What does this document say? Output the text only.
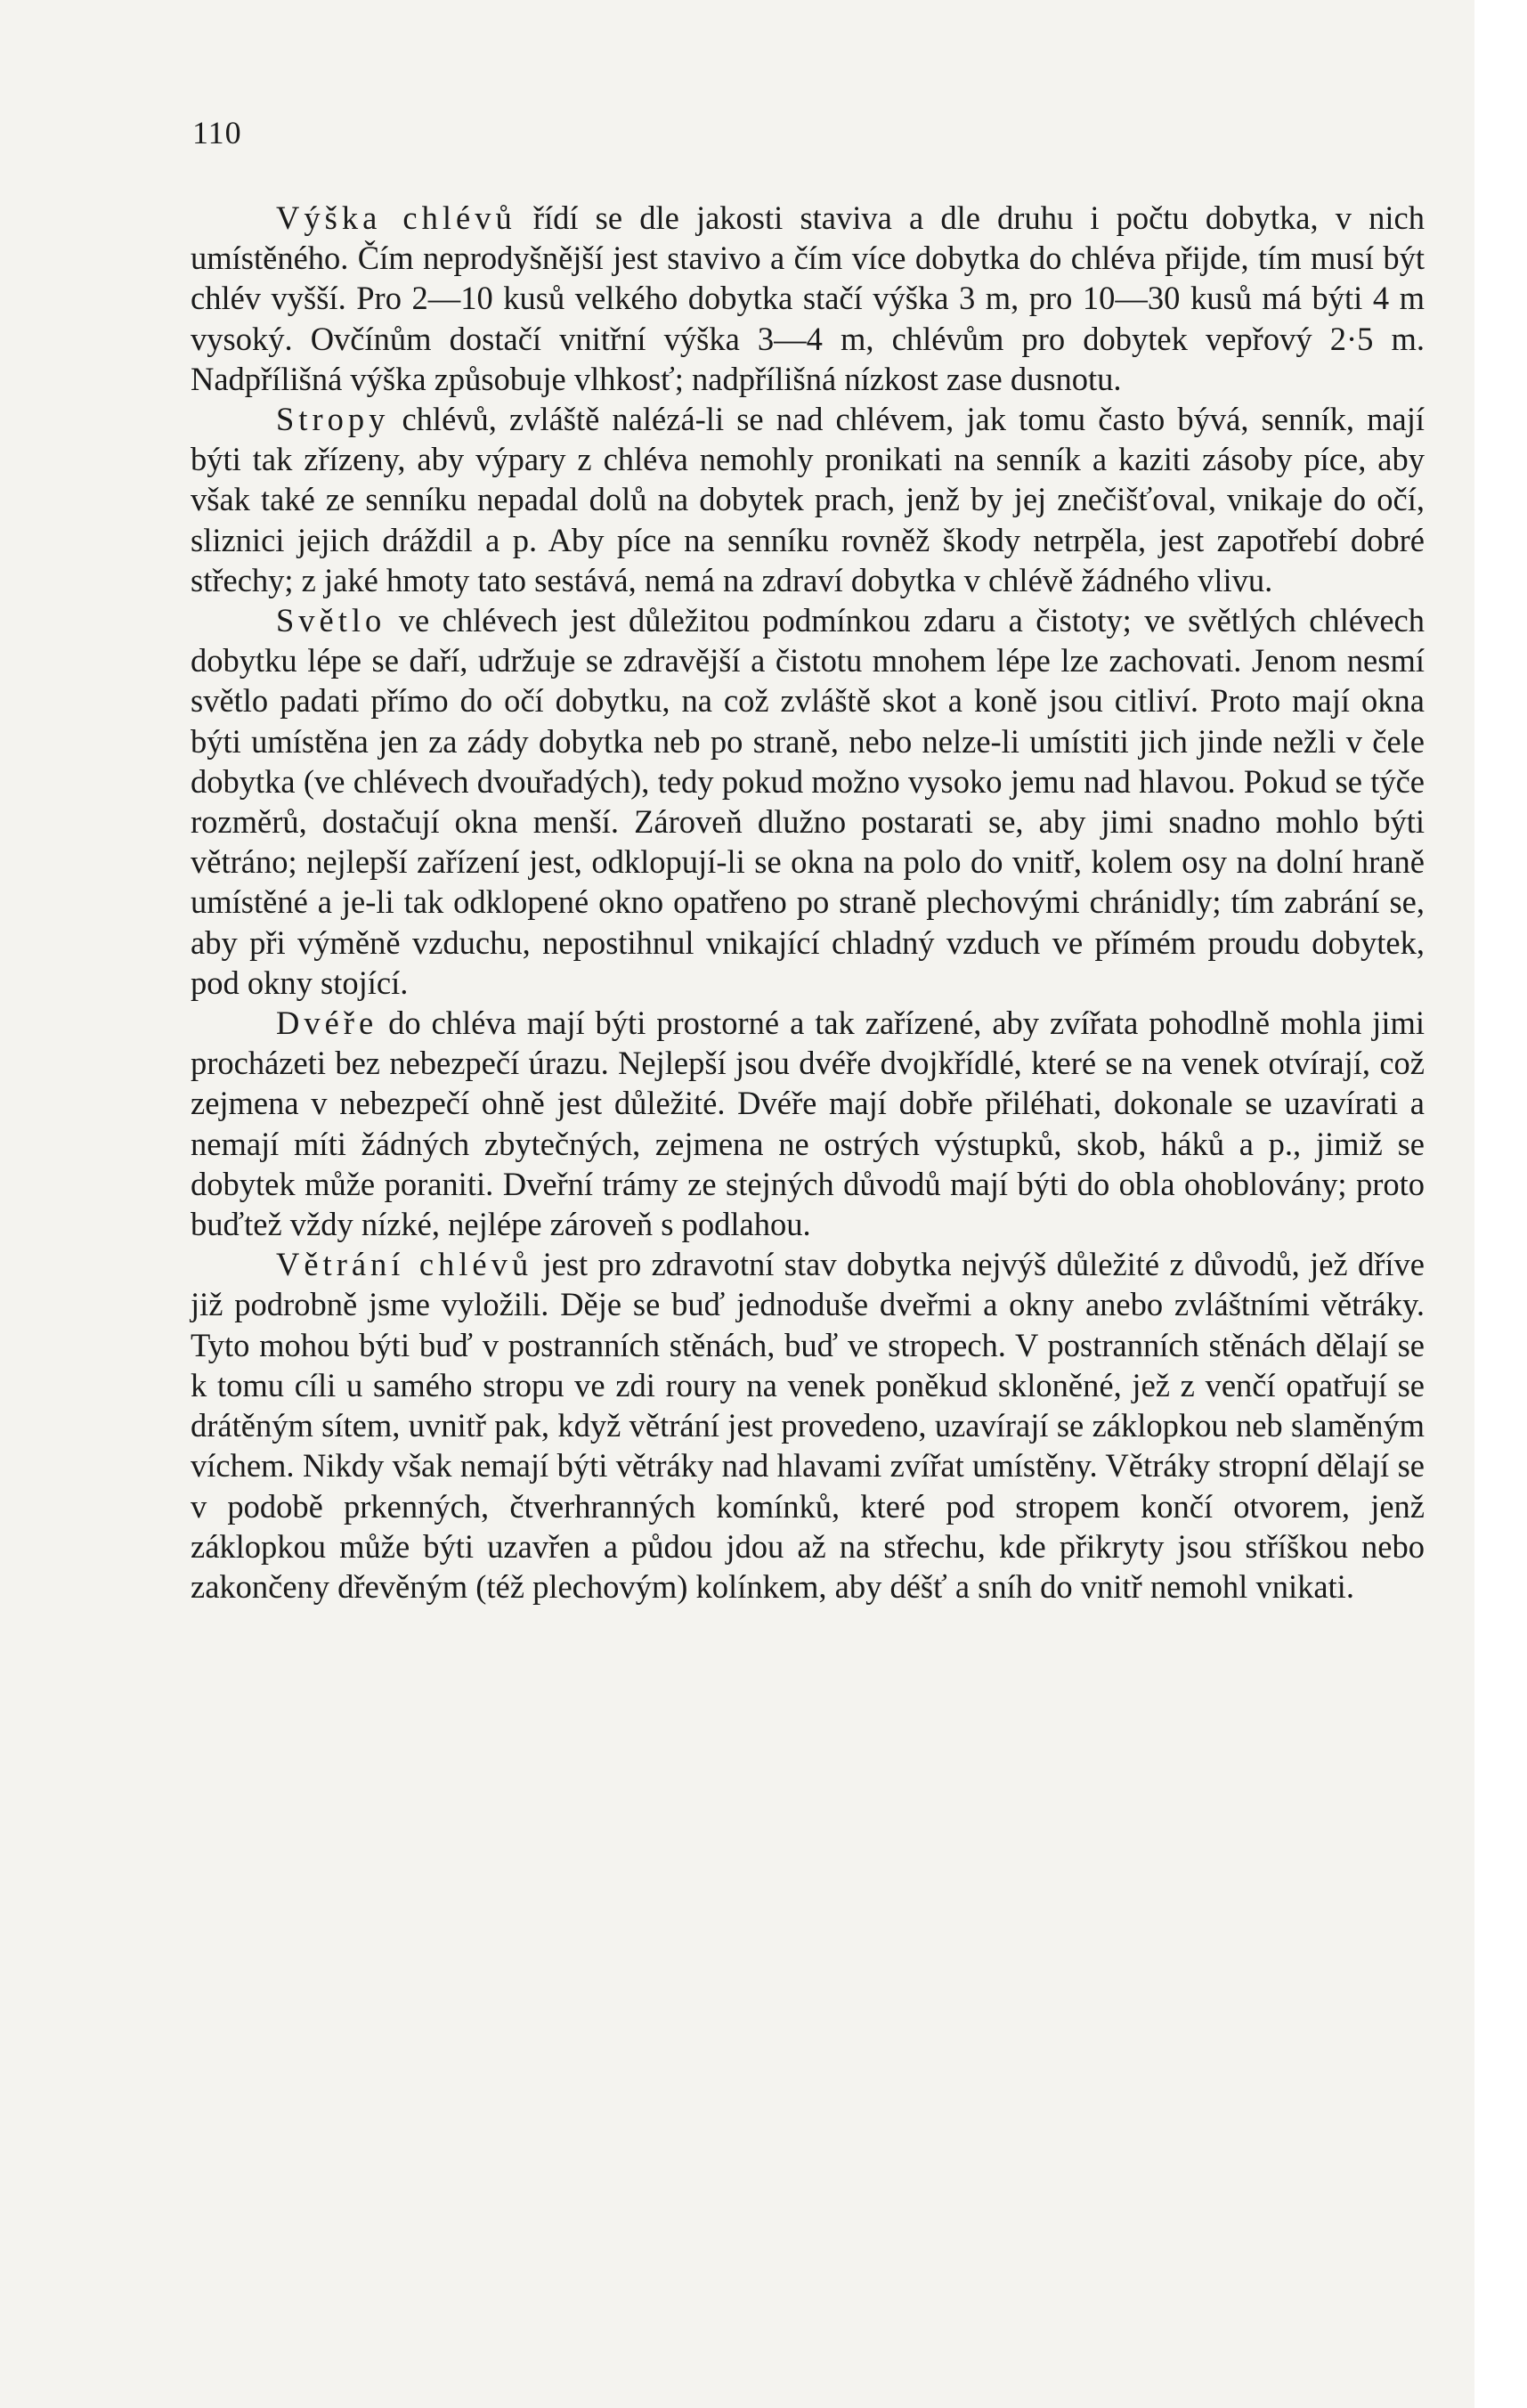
110

Výška chlévů řídí se dle jakosti staviva a dle druhu i počtu dobytka, v nich umístěného. Čím neprodyšnější jest stavivo a čím více dobytka do chléva přijde, tím musí být chlév vyšší. Pro 2—10 kusů velkého dobytka stačí výška 3 m, pro 10—30 kusů má býti 4 m vysoký. Ovčínům dostačí vnitřní výška 3—4 m, chlévům pro dobytek vepřový 2·5 m. Nadpřílišná výška způsobuje vlhkosť; nadpřílišná nízkost zase dusnotu.

Stropy chlévů, zvláště nalézá-li se nad chlévem, jak tomu často bývá, senník, mají býti tak zřízeny, aby výpary z chléva nemohly pronikati na senník a kaziti zásoby píce, aby však také ze senníku nepadal dolů na dobytek prach, jenž by jej znečišťoval, vnikaje do očí, sliznici jejich dráždil a p. Aby píce na senníku rovněž škody netrpěla, jest zapotřebí dobré střechy; z jaké hmoty tato sestává, nemá na zdraví dobytka v chlévě žádného vlivu.

Světlo ve chlévech jest důležitou podmínkou zdaru a čistoty; ve světlých chlévech dobytku lépe se daří, udržuje se zdravější a čistotu mnohem lépe lze zachovati. Jenom nesmí světlo padati přímo do očí dobytku, na což zvláště skot a koně jsou citliví. Proto mají okna býti umístěna jen za zády dobytka neb po straně, nebo nelze-li umístiti jich jinde nežli v čele dobytka (ve chlévech dvouřadých), tedy pokud možno vysoko jemu nad hlavou. Pokud se týče rozměrů, dostačují okna menší. Zároveň dlužno postarati se, aby jimi snadno mohlo býti větráno; nejlepší zařízení jest, odklopují-li se okna na polo do vnitř, kolem osy na dolní hraně umístěné a je-li tak odklopené okno opatřeno po straně plechovými chránidly; tím zabrání se, aby při výměně vzduchu, nepostihnul vnikající chladný vzduch ve přímém proudu dobytek, pod okny stojící.

Dvéře do chléva mají býti prostorné a tak zařízené, aby zvířata pohodlně mohla jimi procházeti bez nebezpečí úrazu. Nejlepší jsou dvéře dvojkřídlé, které se na venek otvírají, což zejmena v nebezpečí ohně jest důležité. Dvéře mají dobře přiléhati, dokonale se uzavírati a nemají míti žádných zbytečných, zejmena ne ostrých výstupků, skob, háků a p., jimiž se dobytek může poraniti. Dveřní trámy ze stejných důvodů mají býti do obla ohoblovány; proto buďtež vždy nízké, nejlépe zároveň s podlahou.

Větrání chlévů jest pro zdravotní stav dobytka nejvýš důležité z důvodů, jež dříve již podrobně jsme vyložili. Děje se buď jednoduše dveřmi a okny anebo zvláštními větráky. Tyto mohou býti buď v postranních stěnách, buď ve stropech. V postranních stěnách dělají se k tomu cíli u samého stropu ve zdi roury na venek poněkud skloněné, jež z venčí opatřují se drátěným sítem, uvnitř pak, když větrání jest provedeno, uzavírají se záklopkou neb slaměným víchem. Nikdy však nemají býti větráky nad hlavami zvířat umístěny. Větráky stropní dělají se v podobě prkenných, čtverhranných komínků, které pod stropem končí otvorem, jenž záklopkou může býti uzavřen a půdou jdou až na střechu, kde přikryty jsou stříškou nebo zakončeny dřevěným (též plechovým) kolínkem, aby déšť a sníh do vnitř nemohl vnikati.
